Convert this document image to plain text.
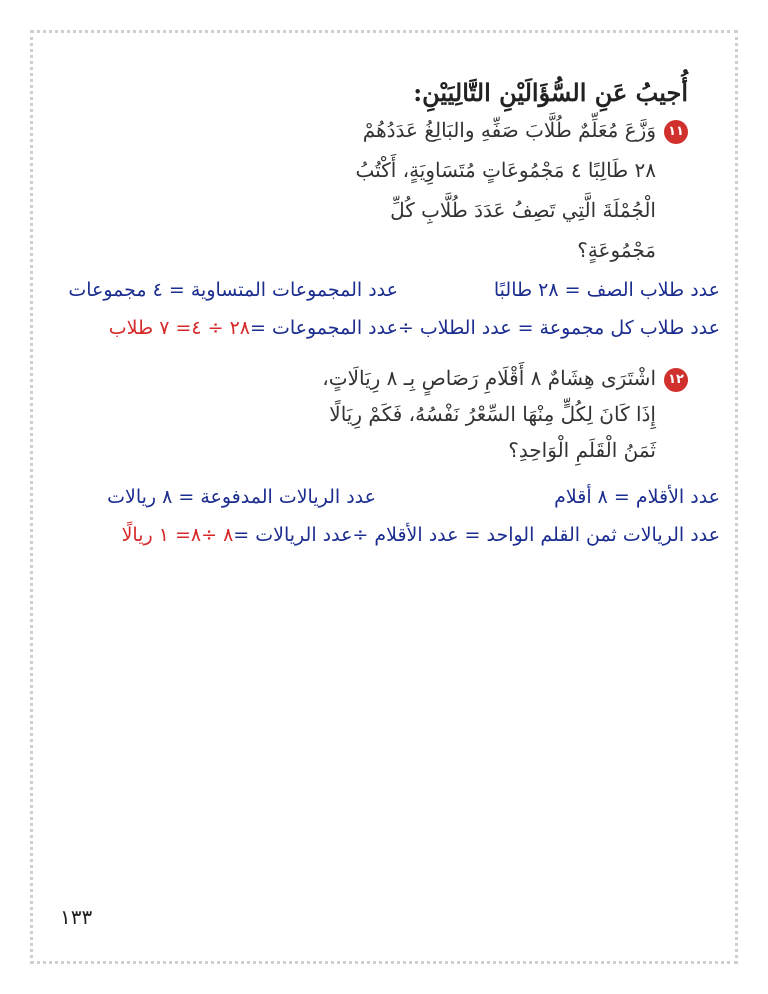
أُجيبُ عَنِ السُّؤَالَيْنِ التَّالِيَيْنِ:
١١
وَزَّعَ مُعَلِّمٌ طُلَّابَ صَفِّهِ والبَالِغُ عَدَدُهُمْ
٢٨ طَالِبًا ٤ مَجْمُوعَاتٍ مُتَسَاوِيَةٍ، أَكْتُبُ
الْجُمْلَةَ الَّتِي تَصِفُ عَدَدَ طُلَّابِ كُلِّ
مَجْمُوعَةٍ؟
عدد طلاب الصف = ٢٨ طالبًا
عدد المجموعات المتساوية = ٤ مجموعات
عدد طلاب كل مجموعة = عدد الطلاب ÷عدد المجموعات =٢٨ ÷ ٤= ٧ طلاب
١٢
اشْتَرَى هِشَامٌ ٨ أَقْلَامِ رَصَاصٍ بِـ ٨ رِيَالَاتٍ،
إِذَا كَانَ لِكُلٍّ مِنْهَا السِّعْرُ نَفْسُهُ، فَكَمْ رِيَالًا
ثَمَنُ الْقَلَمِ الْوَاحِدِ؟
عدد الأقلام = ٨ أقلام
عدد الريالات المدفوعة = ٨ ريالات
عدد الريالات ثمن القلم الواحد = عدد الأقلام ÷عدد الريالات =٨ ÷٨= ١ ريالًا
١٣٣
